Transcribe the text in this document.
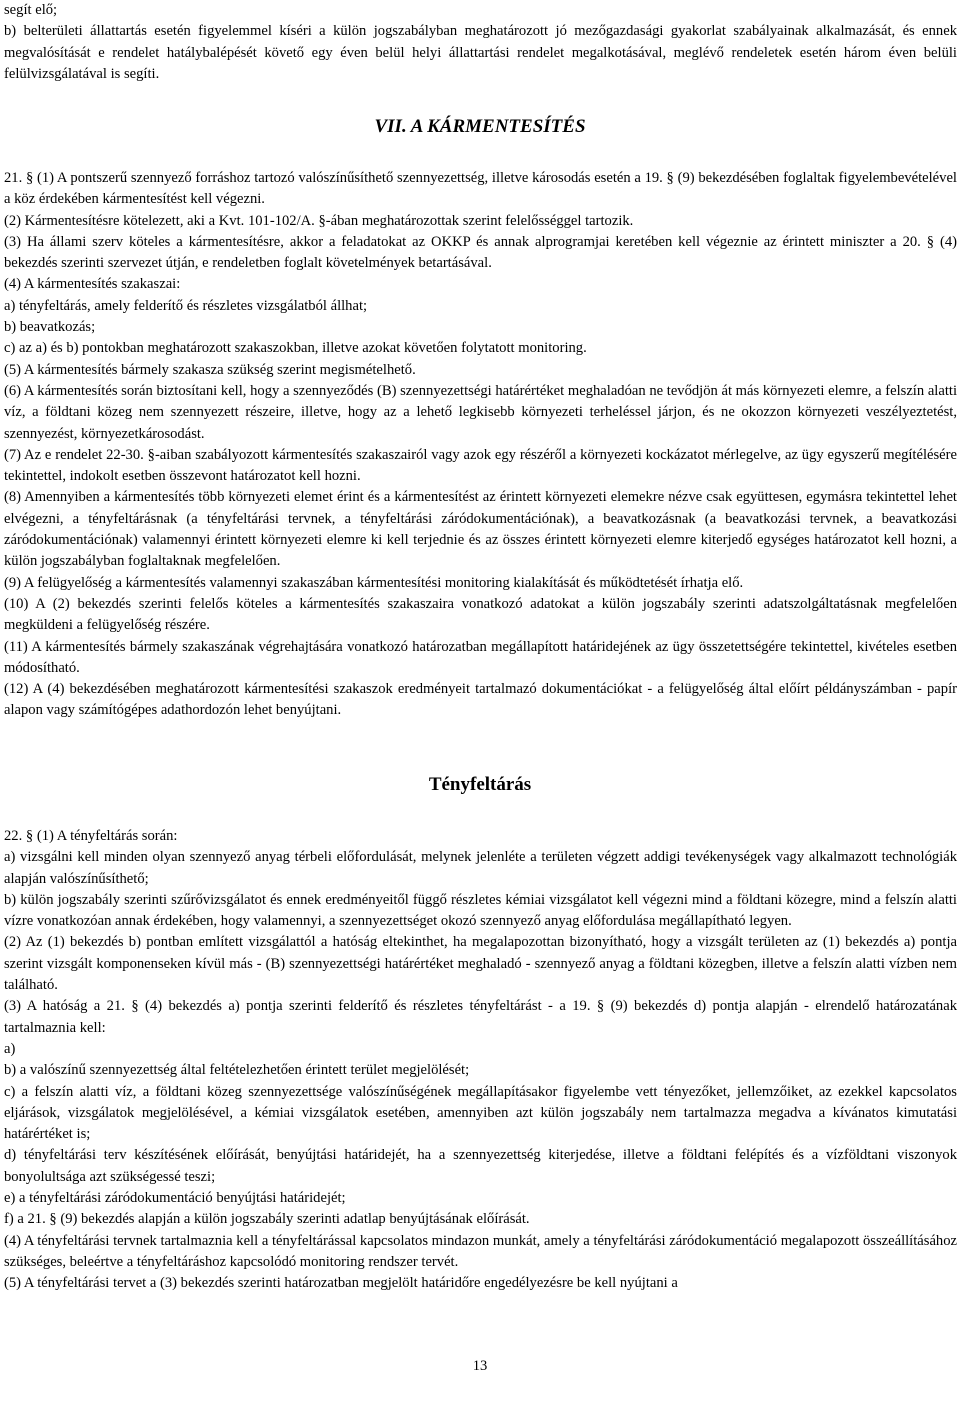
segít elő;

b) belterületi állattartás esetén figyelemmel kíséri a külön jogszabályban meghatározott jó mezőgazdasági gyakorlat szabályainak alkalmazását, és ennek megvalósítását e rendelet hatálybalépését követő egy éven belül helyi állattartási rendelet megalkotásával, meglévő rendeletek esetén három éven belüli felülvizsgálatával is segíti.

VII. A KÁRMENTESÍTÉS

21. § (1) A pontszerű szennyező forráshoz tartozó valószínűsíthető szennyezettség, illetve károsodás esetén a 19. § (9) bekezdésében foglaltak figyelembevételével a köz érdekében kármentesítést kell végezni.

(2) Kármentesítésre kötelezett, aki a Kvt. 101-102/A. §-ában meghatározottak szerint felelősséggel tartozik.

(3) Ha állami szerv köteles a kármentesítésre, akkor a feladatokat az OKKP és annak alprogramjai keretében kell végeznie az érintett miniszter a 20. § (4) bekezdés szerinti szervezet útján, e rendeletben foglalt követelmények betartásával.

(4) A kármentesítés szakaszai:

a) tényfeltárás, amely felderítő és részletes vizsgálatból állhat;

b) beavatkozás;

c) az a) és b) pontokban meghatározott szakaszokban, illetve azokat követően folytatott monitoring.

(5) A kármentesítés bármely szakasza szükség szerint megismételhető.

(6) A kármentesítés során biztosítani kell, hogy a szennyeződés (B) szennyezettségi határértéket meghaladóan ne tevődjön át más környezeti elemre, a felszín alatti víz, a földtani közeg nem szennyezett részeire, illetve, hogy az a lehető legkisebb környezeti terheléssel járjon, és ne okozzon környezeti veszélyeztetést, szennyezést, környezetkárosodást.

(7) Az e rendelet 22-30. §-aiban szabályozott kármentesítés szakaszairól vagy azok egy részéről a környezeti kockázatot mérlegelve, az ügy egyszerű megítélésére tekintettel, indokolt esetben összevont határozatot kell hozni.

(8) Amennyiben a kármentesítés több környezeti elemet érint és a kármentesítést az érintett környezeti elemekre nézve csak együttesen, egymásra tekintettel lehet elvégezni, a tényfeltárásnak (a tényfeltárási tervnek, a tényfeltárási záródokumentációnak), a beavatkozásnak (a beavatkozási tervnek, a beavatkozási záródokumentációnak) valamennyi érintett környezeti elemre ki kell terjednie és az összes érintett környezeti elemre kiterjedő egységes határozatot kell hozni, a külön jogszabályban foglaltaknak megfelelően.

(9) A felügyelőség a kármentesítés valamennyi szakaszában kármentesítési monitoring kialakítását és működtetését írhatja elő.

(10) A (2) bekezdés szerinti felelős köteles a kármentesítés szakaszaira vonatkozó adatokat a külön jogszabály szerinti adatszolgáltatásnak megfelelően megküldeni a felügyelőség részére.

(11) A kármentesítés bármely szakaszának végrehajtására vonatkozó határozatban megállapított határidejének az ügy összetettségére tekintettel, kivételes esetben módosítható.

(12) A (4) bekezdésében meghatározott kármentesítési szakaszok eredményeit tartalmazó dokumentációkat - a felügyelőség által előírt példányszámban - papír alapon vagy számítógépes adathordozón lehet benyújtani.

Tényfeltárás

22. § (1) A tényfeltárás során:

a) vizsgálni kell minden olyan szennyező anyag térbeli előfordulását, melynek jelenléte a területen végzett addigi tevékenységek vagy alkalmazott technológiák alapján valószínűsíthető;

b) külön jogszabály szerinti szűrővizsgálatot és ennek eredményeitől függő részletes kémiai vizsgálatot kell végezni mind a földtani közegre, mind a felszín alatti vízre vonatkozóan annak érdekében, hogy valamennyi, a szennyezettséget okozó szennyező anyag előfordulása megállapítható legyen.

(2) Az (1) bekezdés b) pontban említett vizsgálattól a hatóság eltekinthet, ha megalapozottan bizonyítható, hogy a vizsgált területen az (1) bekezdés a) pontja szerint vizsgált komponenseken kívül más - (B) szennyezettségi határértéket meghaladó - szennyező anyag a földtani közegben, illetve a felszín alatti vízben nem található.

(3) A hatóság a 21. § (4) bekezdés a) pontja szerinti felderítő és részletes tényfeltárást - a 19. § (9) bekezdés d) pontja alapján - elrendelő határozatának tartalmaznia kell:

a)

b) a valószínű szennyezettség által feltételezhetően érintett terület megjelölését;

c) a felszín alatti víz, a földtani közeg szennyezettsége valószínűségének megállapításakor figyelembe vett tényezőket, jellemzőiket, az ezekkel kapcsolatos eljárások, vizsgálatok megjelölésével, a kémiai vizsgálatok esetében, amennyiben azt külön jogszabály nem tartalmazza megadva a kívánatos kimutatási határértéket is;

d) tényfeltárási terv készítésének előírását, benyújtási határidejét, ha a szennyezettség kiterjedése, illetve a földtani felépítés és a vízföldtani viszonyok bonyolultsága azt szükségessé teszi;

e) a tényfeltárási záródokumentáció benyújtási határidejét;

f) a 21. § (9) bekezdés alapján a külön jogszabály szerinti adatlap benyújtásának előírását.

(4) A tényfeltárási tervnek tartalmaznia kell a tényfeltárással kapcsolatos mindazon munkát, amely a tényfeltárási záródokumentáció megalapozott összeállításához szükséges, beleértve a tényfeltáráshoz kapcsolódó monitoring rendszer tervét.

(5) A tényfeltárási tervet a (3) bekezdés szerinti határozatban megjelölt határidőre engedélyezésre be kell nyújtani a

13
